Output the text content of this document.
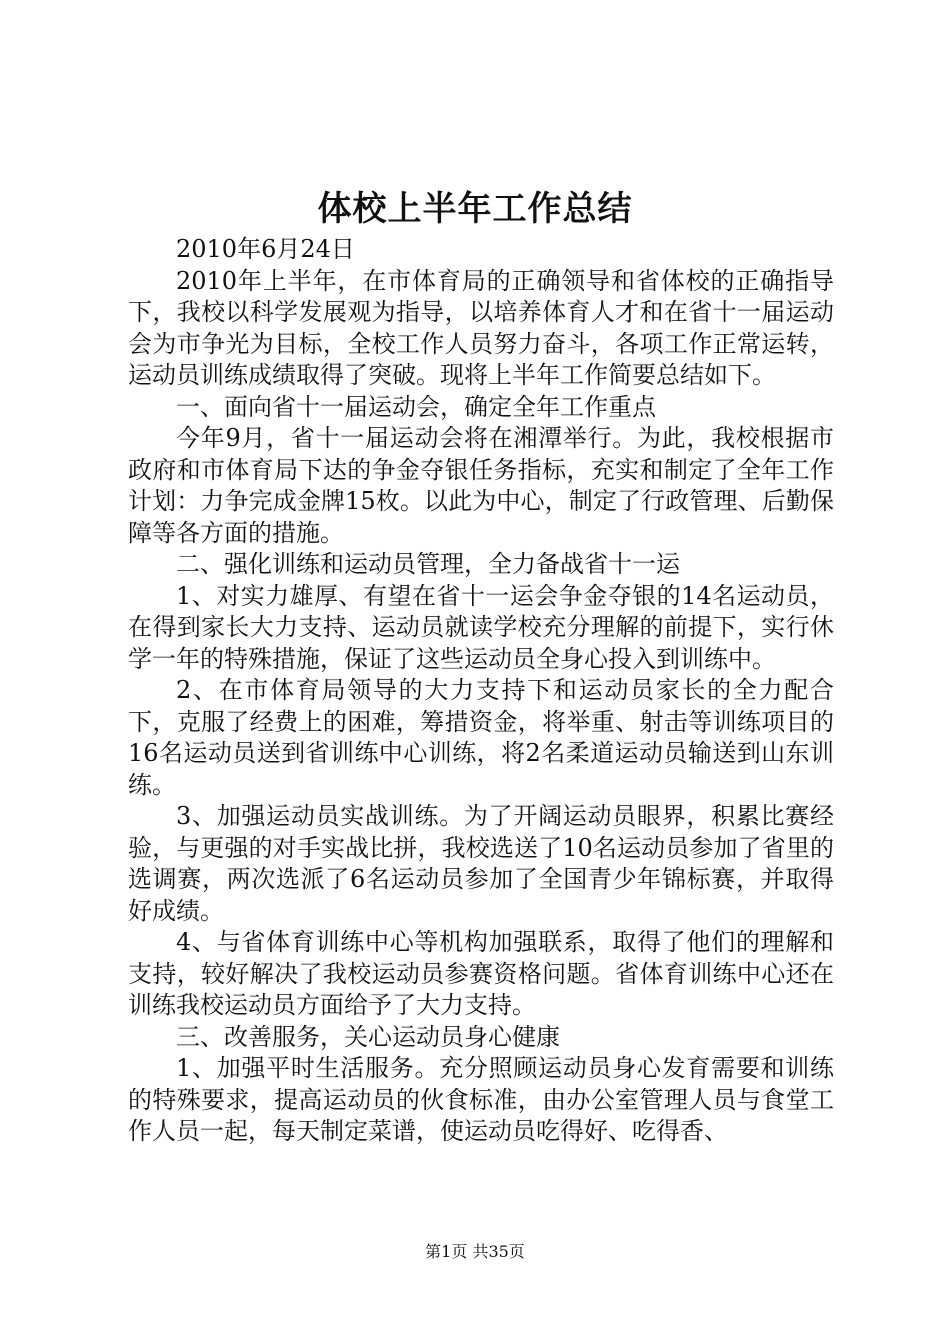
体校上半年工作总结

2010年6月24日

2010年上半年，在市体育局的正确领导和省体校的正确指导下，我校以科学发展观为指导，以培养体育人才和在省十一届运动会为市争光为目标，全校工作人员努力奋斗，各项工作正常运转，运动员训练成绩取得了突破。现将上半年工作简要总结如下。

一、面向省十一届运动会，确定全年工作重点

今年9月，省十一届运动会将在湘潭举行。为此，我校根据市政府和市体育局下达的争金夺银任务指标，充实和制定了全年工作计划：力争完成金牌15枚。以此为中心，制定了行政管理、后勤保障等各方面的措施。

二、强化训练和运动员管理，全力备战省十一运

1、对实力雄厚、有望在省十一运会争金夺银的14名运动员，在得到家长大力支持、运动员就读学校充分理解的前提下，实行休学一年的特殊措施，保证了这些运动员全身心投入到训练中。

2、在市体育局领导的大力支持下和运动员家长的全力配合下，克服了经费上的困难，筹措资金，将举重、射击等训练项目的16名运动员送到省训练中心训练，将2名柔道运动员输送到山东训练。

3、加强运动员实战训练。为了开阔运动员眼界，积累比赛经验，与更强的对手实战比拼，我校选送了10名运动员参加了省里的选调赛，两次选派了6名运动员参加了全国青少年锦标赛，并取得好成绩。

4、与省体育训练中心等机构加强联系，取得了他们的理解和支持，较好解决了我校运动员参赛资格问题。省体育训练中心还在训练我校运动员方面给予了大力支持。

三、改善服务，关心运动员身心健康

1、加强平时生活服务。充分照顾运动员身心发育需要和训练的特殊要求，提高运动员的伙食标准，由办公室管理人员与食堂工作人员一起，每天制定菜谱，使运动员吃得好、吃得香、

第1页 共35页
